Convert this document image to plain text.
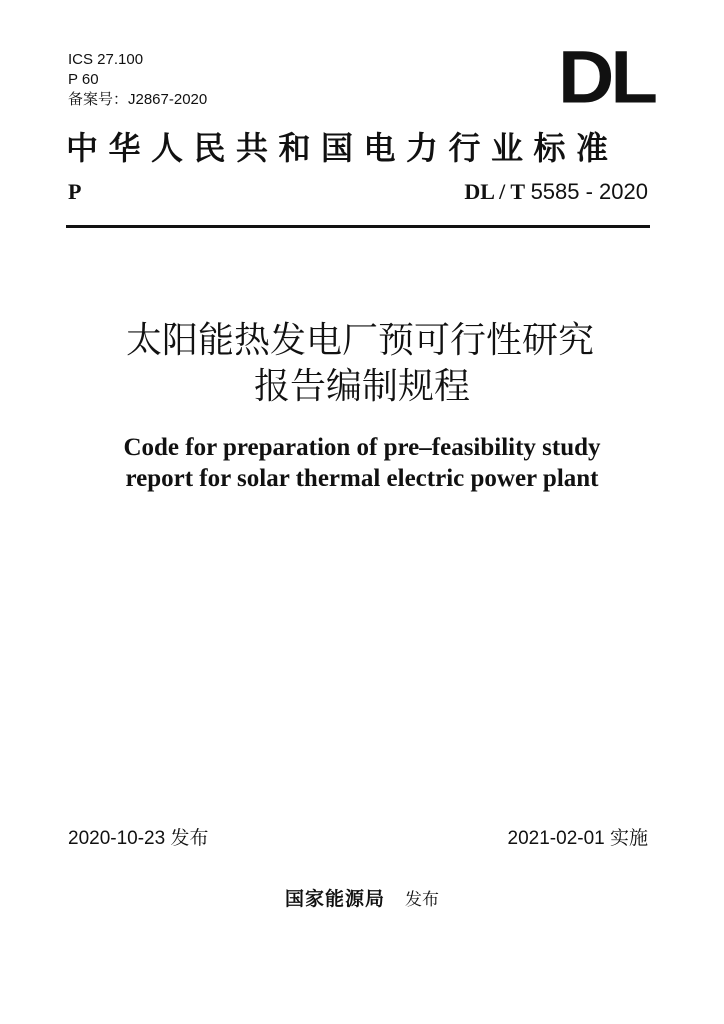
ICS 27.100
P 60
备案号：J2867-2020	DL
中华人民共和国电力行业标准
P	DL / T 5585 - 2020
太阳能热发电厂预可行性研究
报告编制规程
Code for preparation of pre–feasibility study
report for solar thermal electric power plant
2020-10-23 发布	2021-02-01 实施
国家能源局 发布
